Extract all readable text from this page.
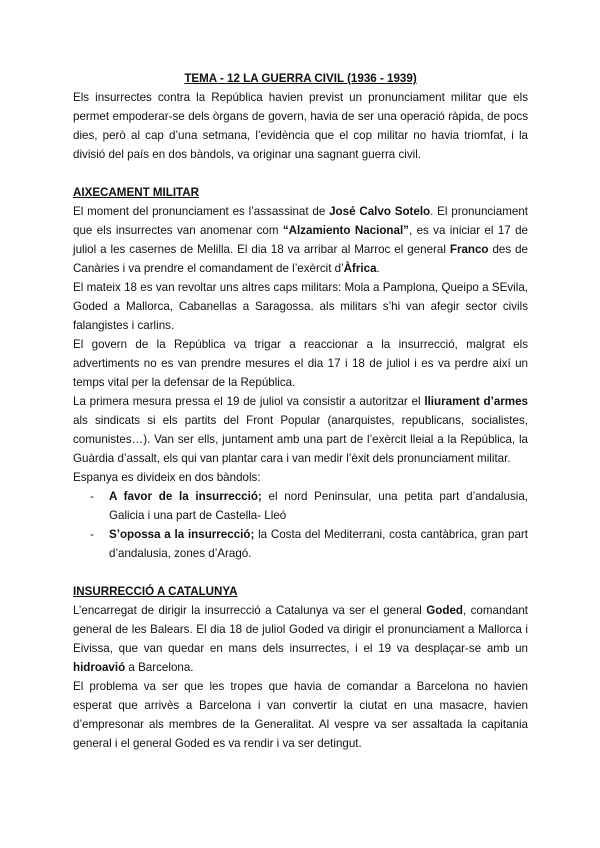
TEMA - 12 LA GUERRA CIVIL (1936 - 1939)

Els insurrectes contra la República havien previst un pronunciament militar que els permet empoderar-se dels òrgans de govern, havia de ser una operació ràpida, de pocs dies, però al cap d’una setmana, l’evidència que el cop militar no havia triomfat, i la divisió del país en dos bàndols, va originar una sagnant guerra civil.

AIXECAMENT MILITAR

El moment del pronunciament es l’assassinat de José Calvo Sotelo. El pronunciament que els insurrectes van anomenar com “Alzamiento Nacional”, es va iniciar el 17 de juliol a les casernes de Melilla. El dia 18 va arribar al Marroc el general Franco des de Canàries i va prendre el comandament de l’exèrcit d’Àfrica.

El mateix 18 es van revoltar uns altres caps militars: Mola a Pamplona, Queipo a SEvila, Goded a Mallorca, Cabanellas a Saragossa. als militars s’hi van afegir sector civils falangistes i carlins.

El govern de la República va trigar a reaccionar a la insurrecció, malgrat els advertiments no es van prendre mesures el dia 17 i 18 de juliol i es va perdre així un temps vital per la defensar de la República.

La primera mesura pressa el 19 de juliol va consistir a autoritzar el lliurament d’armes als sindicats si els partits del Front Popular (anarquistes, republicans, socialistes, comunistes…). Van ser ells, juntament amb una part de l’exèrcit lleial a la República, la Guàrdia d’assalt, els qui van plantar cara i van medir l’èxit dels pronunciament militar.

Espanya es divideix en dos bàndols:

- A favor de la insurrecció; el nord Peninsular, una petita part d’andalusia, Galicia i una part de Castella- Lleó
- S’opossa a la insurrecció; la Costa del Mediterrani, costa cantàbrica, gran part d’andalusia, zones d’Aragó.
INSURRECCIÓ A CATALUNYA

L’encarregat de dirigir la insurrecció a Catalunya va ser el general Goded, comandant general de les Balears. El dia 18 de juliol Goded va dirigir el pronunciament a Mallorca i Eivissa, que van quedar en mans dels insurrectes, i el 19 va desplaçar-se amb un hidroavió a Barcelona.

El problema va ser que les tropes que havia de comandar a Barcelona no havien esperat que arrivès a Barcelona i van convertir la ciutat en una masacre, havien d’empresonar als membres de la Generalitat. Al vespre va ser assaltada la capitania general i el general Goded es va rendir i va ser detingut.
